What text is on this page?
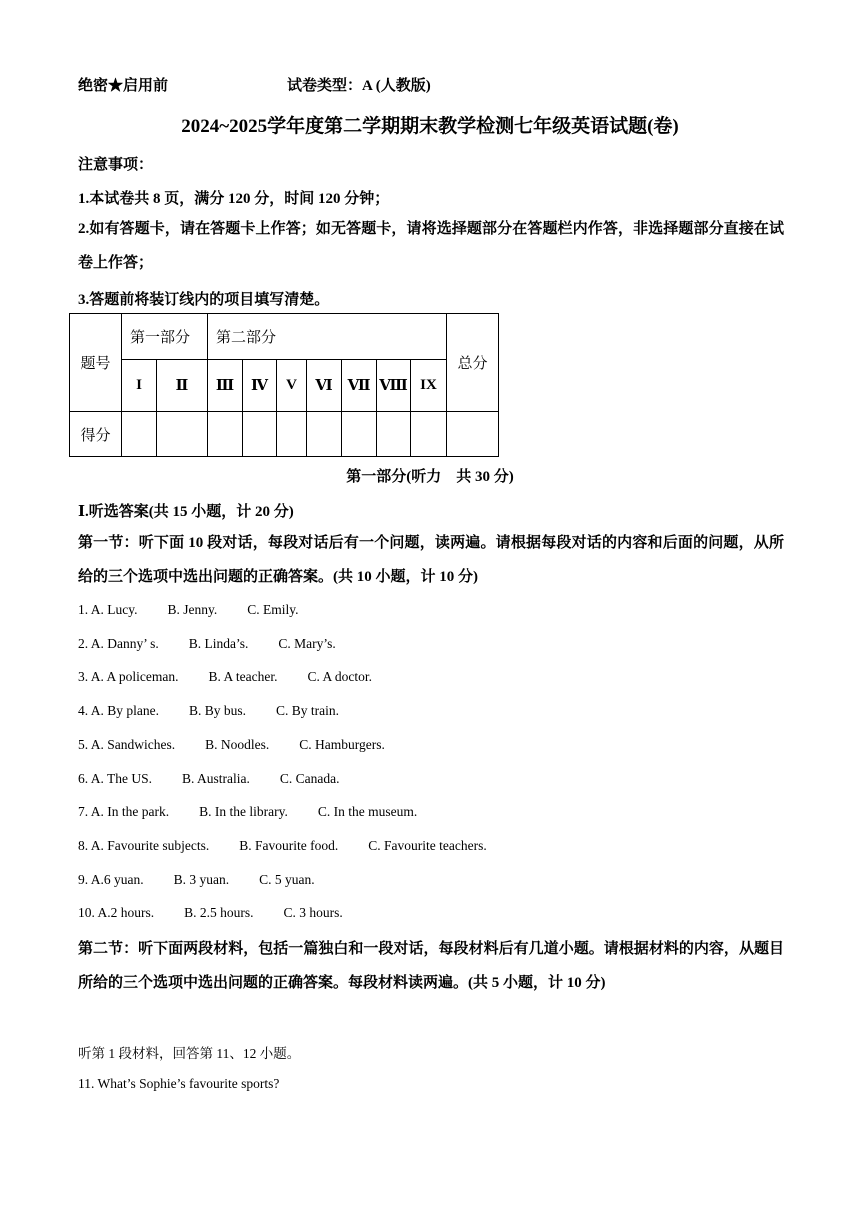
绝密★启用前	试卷类型：A (人教版)
2024~2025学年度第二学期期末教学检测七年级英语试题(卷)
注意事项：
1.本试卷共 8 页，满分 120 分，时间 120 分钟；
2.如有答题卡，请在答题卡上作答；如无答题卡，请将选择题部分在答题栏内作答，非选择题部分直接在试卷上作答；
3.答题前将装订线内的项目填写清楚。
题号	第一部分		第二部分							总分
	I	Ⅱ	Ⅲ	Ⅳ	V	Ⅵ	Ⅶ	Ⅷ	IX	
得分										
第一部分(听力　共 30 分)
Ⅰ.听选答案(共 15 小题，计 20 分)
第一节：听下面 10 段对话，每段对话后有一个问题，读两遍。请根据每段对话的内容和后面的问题，从所给的三个选项中选出问题的正确答案。(共 10 小题，计 10 分)
1. A. Lucy. B. Jenny. C. Emily.
2. A. Danny’ s. B. Linda’s. C. Mary’s.
3. A. A policeman. B. A teacher. C. A doctor.
4. A. By plane. B. By bus. C. By train.
5. A. Sandwiches. B. Noodles. C. Hamburgers.
6. A. The US. B. Australia. C. Canada.
7. A. In the park. B. In the library. C. In the museum.
8. A. Favourite subjects. B. Favourite food. C. Favourite teachers.
9. A.6 yuan. B. 3 yuan. C. 5 yuan.
10. A.2 hours. B. 2.5 hours. C. 3 hours.
第二节：听下面两段材料，包括一篇独白和一段对话，每段材料后有几道小题。请根据材料的内容，从题目所给的三个选项中选出问题的正确答案。每段材料读两遍。(共 5 小题，计 10 分)
听第 1 段材料，回答第 11、12 小题。
11. What’s Sophie’s favourite sports?
